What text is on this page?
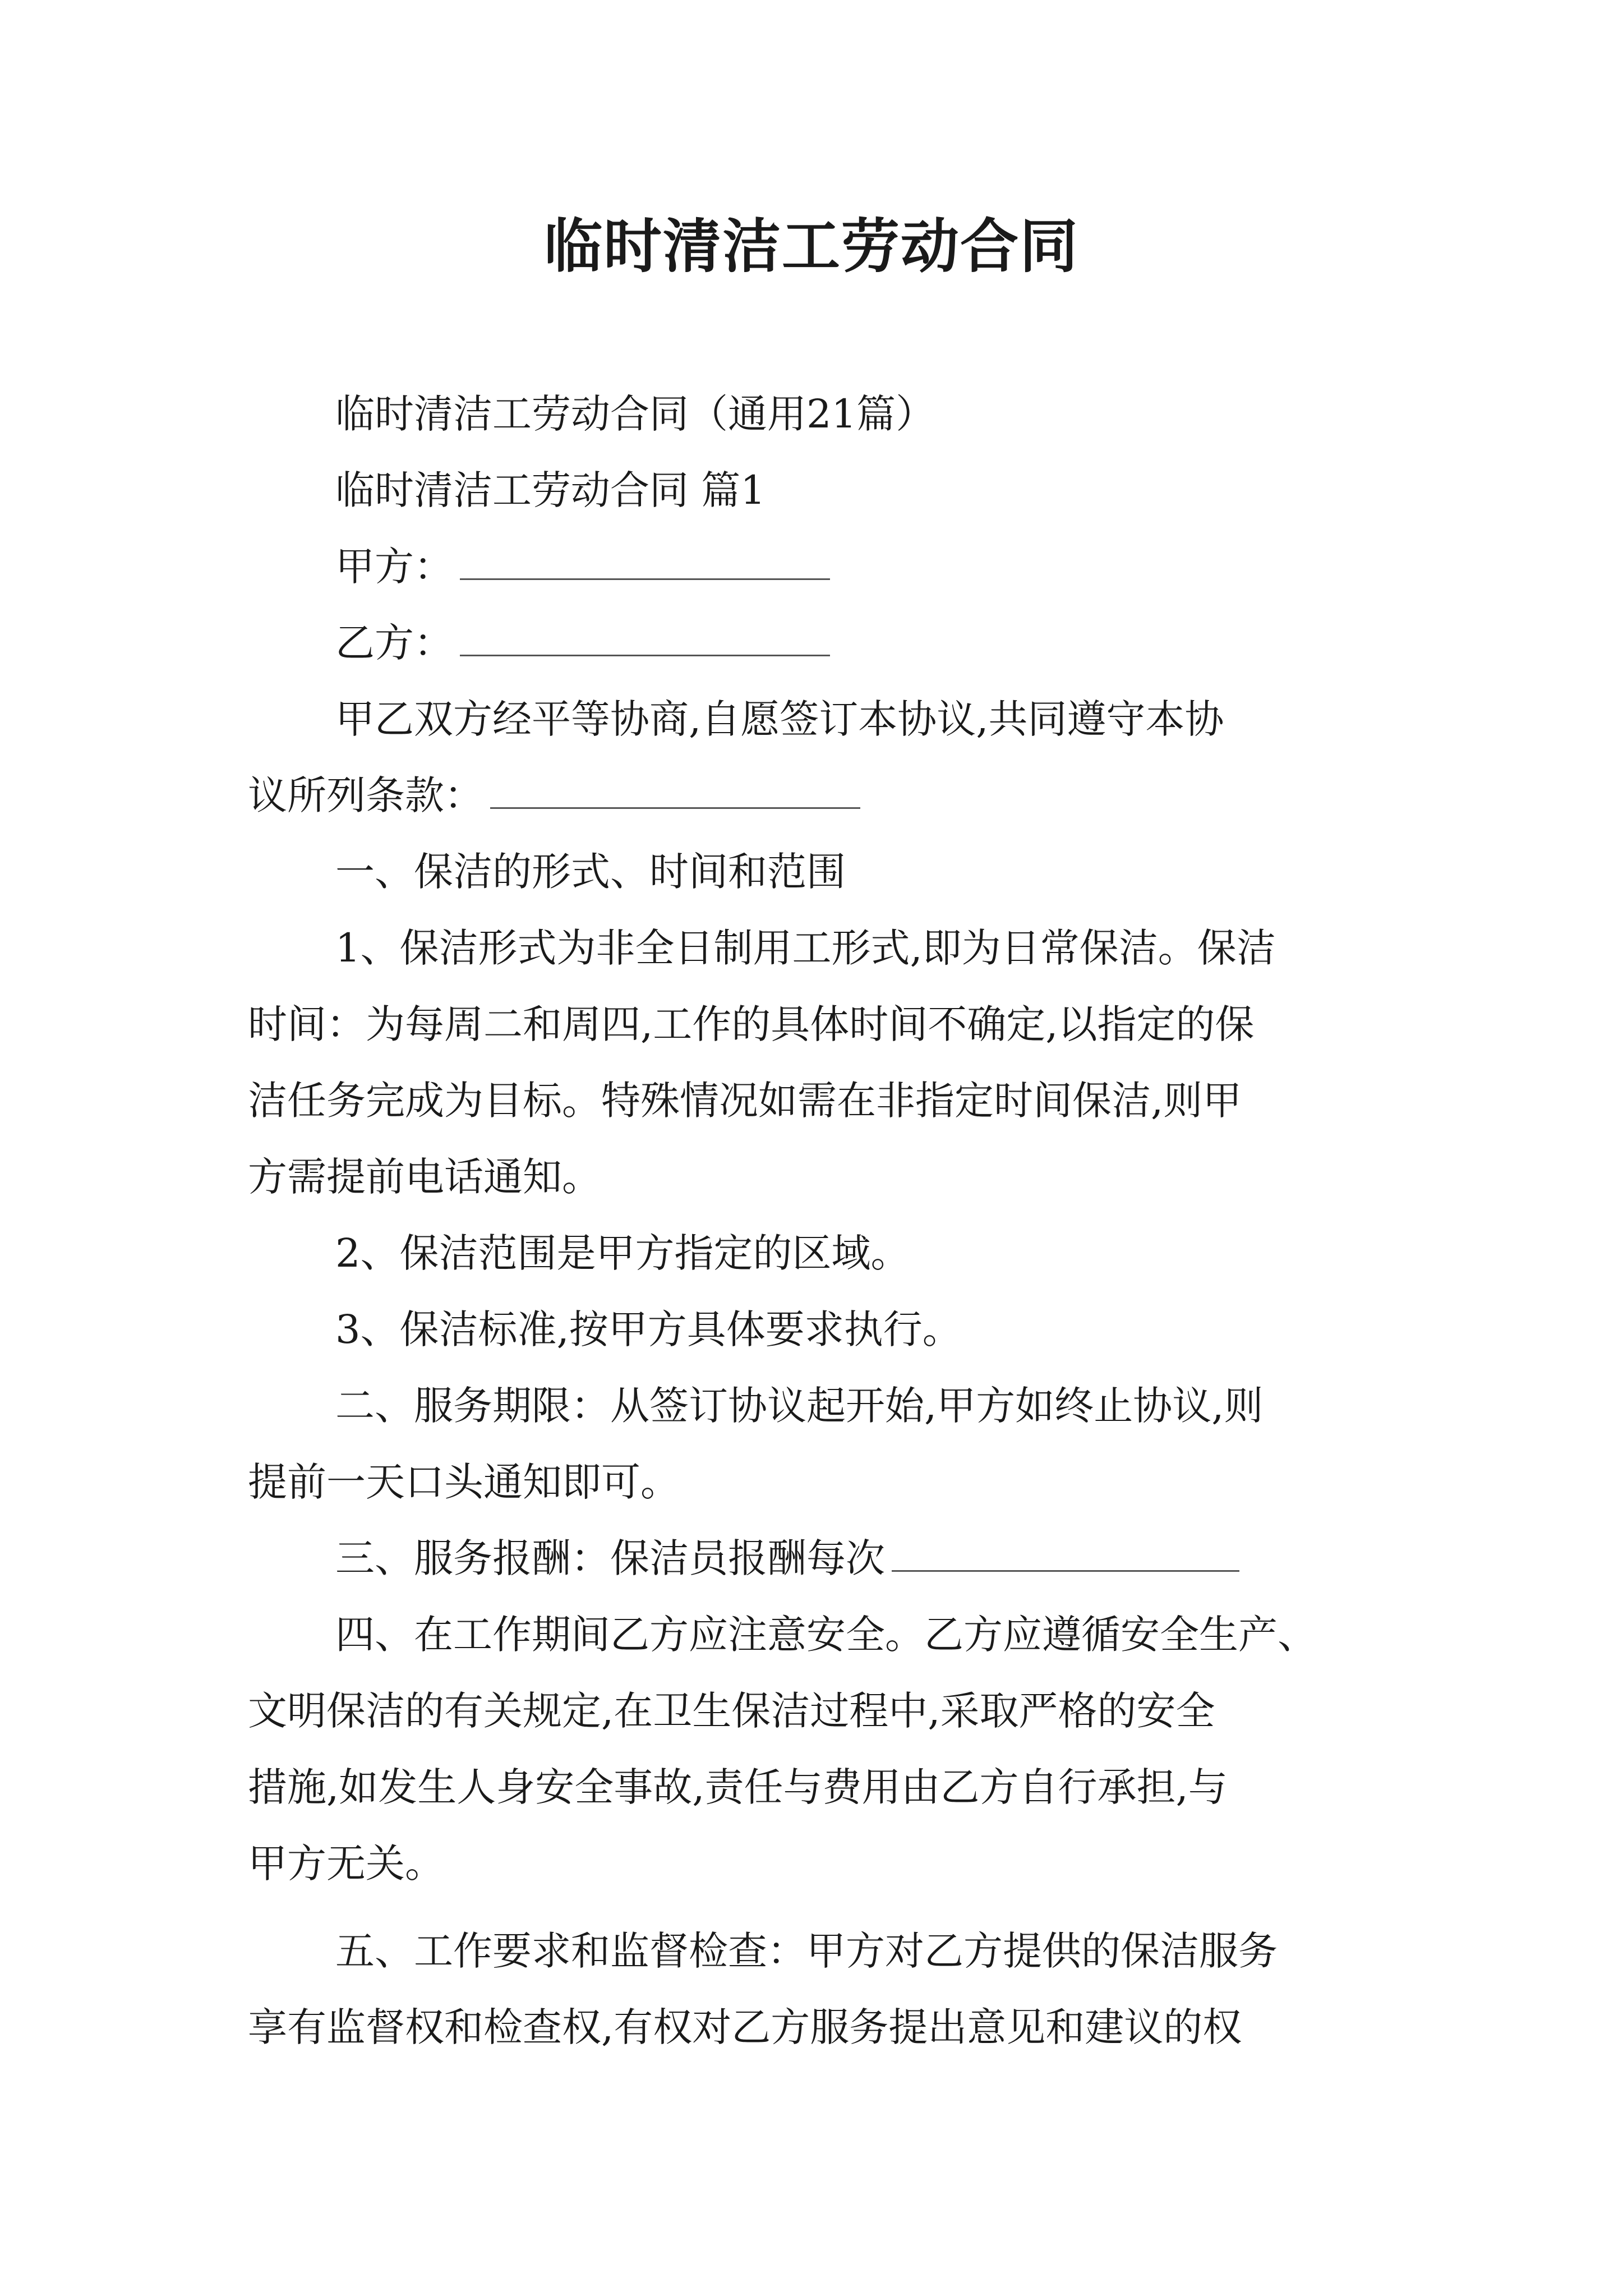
临时清洁工劳动合同
临时清洁工劳动合同（通用21篇）
临时清洁工劳动合同 篇1
甲方：
乙方：
甲乙双方经平等协商,自愿签订本协议,共同遵守本协
议所列条款：
一、保洁的形式、时间和范围
1、保洁形式为非全日制用工形式,即为日常保洁。保洁
时间：为每周二和周四,工作的具体时间不确定,以指定的保
洁任务完成为目标。特殊情况如需在非指定时间保洁,则甲
方需提前电话通知。
2、保洁范围是甲方指定的区域。
3、保洁标准,按甲方具体要求执行。
二、服务期限：从签订协议起开始,甲方如终止协议,则
提前一天口头通知即可。
三、服务报酬：保洁员报酬每次
四、在工作期间乙方应注意安全。乙方应遵循安全生产、
文明保洁的有关规定,在卫生保洁过程中,采取严格的安全
措施,如发生人身安全事故,责任与费用由乙方自行承担,与
甲方无关。
五、工作要求和监督检查：甲方对乙方提供的保洁服务
享有监督权和检查权,有权对乙方服务提出意见和建议的权
